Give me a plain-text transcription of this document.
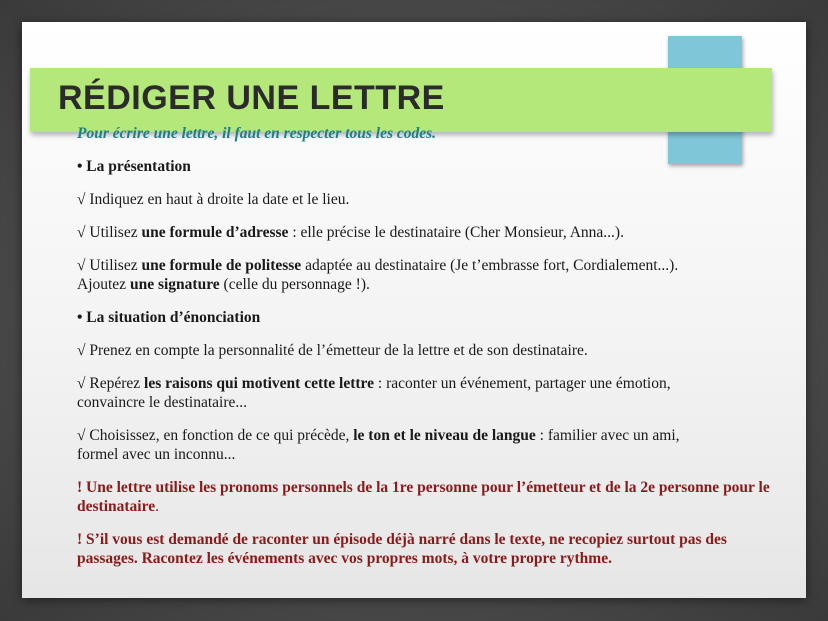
RÉDIGER UNE LETTRE

Pour écrire une lettre, il faut en respecter tous les codes.

• La présentation

√ Indiquez en haut à droite la date et le lieu.

√ Utilisez une formule d’adresse : elle précise le destinataire (Cher Monsieur, Anna...).

√ Utilisez une formule de politesse adaptée au destinataire (Je t’embrasse fort, Cordialement...).
Ajoutez une signature (celle du personnage !).

• La situation d’énonciation

√ Prenez en compte la personnalité de l’émetteur de la lettre et de son destinataire.

√ Repérez les raisons qui motivent cette lettre : raconter un événement, partager une émotion,
convaincre le destinataire...

√ Choisissez, en fonction de ce qui précède, le ton et le niveau de langue : familier avec un ami,
formel avec un inconnu...

! Une lettre utilise les pronoms personnels de la 1re personne pour l’émetteur et de la 2e personne pour le destinataire.

! S’il vous est demandé de raconter un épisode déjà narré dans le texte, ne recopiez surtout pas des passages. Racontez les événements avec vos propres mots, à votre propre rythme.
